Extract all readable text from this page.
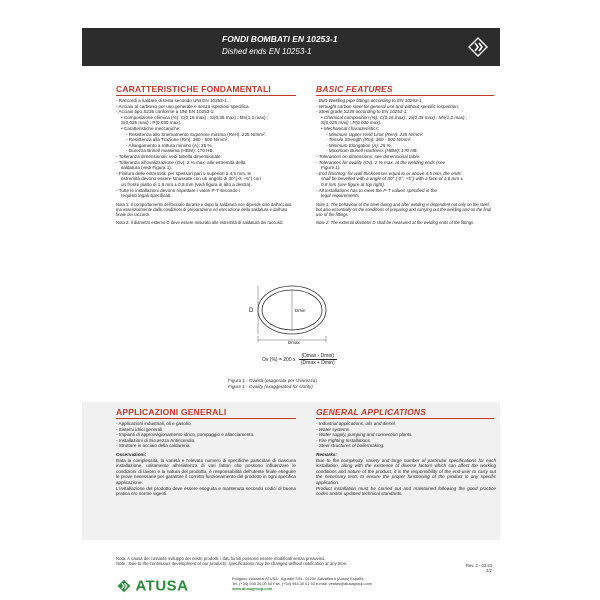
FONDI BOMBATI EN 10253-1
Dished ends EN 10253-1
CARATTERISTICHE FONDAMENTALI

- Raccordi a saldare di testa secondo UNI EN 10253-1.

- Acciaio al carbonio per uso generale e senza ispezioni specifica.

- Acciaio tipo S235 conforme a UNI EN 10253-1:

• Composizione chimica (%): C(0,16 max) ; Si(0,35 max) ; Mn(1,2 max) ;

S(0,025 max) ; P(0,030 max).

• Caratteristiche meccaniche:

- Resistenza allo Snervamento Superiore minima (ReH): 235 N/mm².

- Resistenza alla Trazione (Rm): 360 - 500 N/mm².

- Allungamento a rottura minimo (A): 25 %.

- Durezza Brinell massima (HBW): 170 HB.

- Tolleranza dimensionali: vedi tabella dimensionale.

- Tolleranza all'ovalizzazione (Ov): 2 % max. alle estremità della

saldatura (vedi Figura 1).

- Finitura delle estremità: per spessori pari o superiori a 4,5 mm, le

estremità devono essere smussate con un angolo di 30°(-0; +5°) con

un fronte piatto di 1,6 mm ± 0,8 mm (vedi figura in alto a destra).

- Tutte le installazioni devono rispettare i valori P-T secondo i

requisiti legali specificati.

Nota 1: Il comportamento dell'acciaio durante e dopo la saldatura non dipende solo dall'acciaio, ma essenzialmente dalle condizioni di preparazione ed esecuzione della saldatura e dall'uso finale dei raccordi.

Nota 2: Il diametro esterno D deve essere misurato alle estremità di saldatura dei raccordi.

BASIC FEATURES

- Butt-Welding pipe fittings according to EN 10253-1.

- Wrought carbon steel for general use and without specific inspection.

- Steel grade S235 according to EN 10253-1:

• Chemical composition (%): C(0,16 max) ; Si(0,35 max) ; Mn(1,2 max) ;

S(0,025 max) ; P(0,030 max).

• Mechanical characteristics:

- Minimum Upper Yield Limit (ReH): 235 N/mm².

- Tensile Strength (Rm): 360 - 500 N/mm².

- Minimum Elongation (A): 25 %.

- Maximum Brinell Hardness (HBW): 170 HB.

- Tolerances on dimensions: see dimensional table.

- Tolerances for ovality (Ov): 2 % max. at the welding ends (see

Figure 1).

- End finishing: for wall thicknesses equal to or above 4,5 mm, the ends

shall be bevelled with a angle of 30° (-0°; +5°) with a face of 1,6 mm ±

0,8 mm (see figure at top right).

- All installations has to meet the P-T values specified in the

legal requirements.

Note 1: The behaviour of the steel during and after welding is dependent not only on the steel, but also essentially on the conditions of preparing and carrying out the welding and on the final use of the fittings.

Note 2: The external diameter D shall be measured at the welding ends of the fittings.

D	Dmin
Dmax
Ov (%) = 200 x
(Dmax - Dmin)
(Dmax + Dmin)
Figura 1 - Ovalità (esagerata per chiarezza)
Figure 1 - Ovality (exaggerated for clarity)
APPLICAZIONI GENERALI

- Applicazioni industriali, oli e gasolio.

- Sistemi idrici generali.

- Impianti di approvvigionamento idrico, pompaggio e allacciamento.

- Installazioni di Sicurezza Antincendio.

- Strutture in acciaio della caldareria.

Osservazioni:

Data la complessità, la varietà e l'elevato numero di specifiche particolari di ciascuna installazione, unitamente all'esistenza di vari fattori che possono influenzare le condizioni di lavoro e la natura del prodotto, è responsabilità dell'utente finale eseguire le prove necessarie per garantire il corretto funzionamento del prodotto in ogni specifica applicazione.

L'installazione del prodotto deve essere eseguita e mantenuta secondo codici di buona pratica e/o norme vigenti.

GENERAL APPLICATIONS

- Industrial applications, oils and diesel.

- Water systems.

- Water supply, pumping and connection plants.

- Fire Fighting Installations.

- Steel structures of boilermaking.

Remarks:

Due to the complexity, variety and large number of particular specifications for each installation, along with the existence of diverse factors which can affect the working conditions and nature of the product, it is the responsibility of the end-user to carry out the necessary tests to ensure the proper functioning of the product in any specific application.

Product installation must be carried out and maintained following the good practice codes and/or updated technical standards.

Nota: A causa del costante sviluppo dei nostri prodotti, i dati forniti possono essere modificati senza preavviso.
Note : Due to the continuous development of our products, specifications may be changed without notification at any time.	Rev. 2 - 02.23
2/2
ATUSA	Polígono Industrial ATUSA - Agurain S/N - 01200 Salvatierra (Alava) España
Tel. (+34) 945 30 00 50 Fax. (+34) 945 30 01 53 e-mail: ventas@atusagroup.com
www.atusagroup.com
